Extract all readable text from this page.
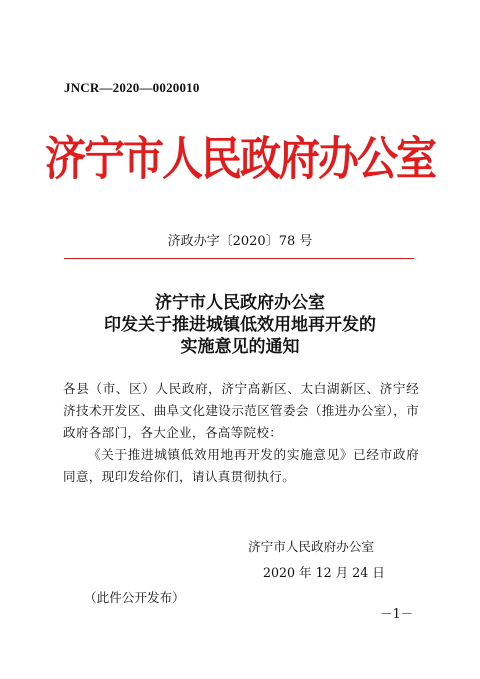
JNCR—2020—0020010
济宁市人民政府办公室
济政办字〔2020〕78 号
济宁市人民政府办公室
印发关于推进城镇低效用地再开发的
实施意见的通知

各县（市、区）人民政府，济宁高新区、太白湖新区、济宁经济技术开发区、曲阜文化建设示范区管委会（推进办公室），市政府各部门，各大企业，各高等院校：

《关于推进城镇低效用地再开发的实施意见》已经市政府同意，现印发给你们，请认真贯彻执行。

济宁市人民政府办公室
2020 年 12 月 24 日
（此件公开发布）
－1－
